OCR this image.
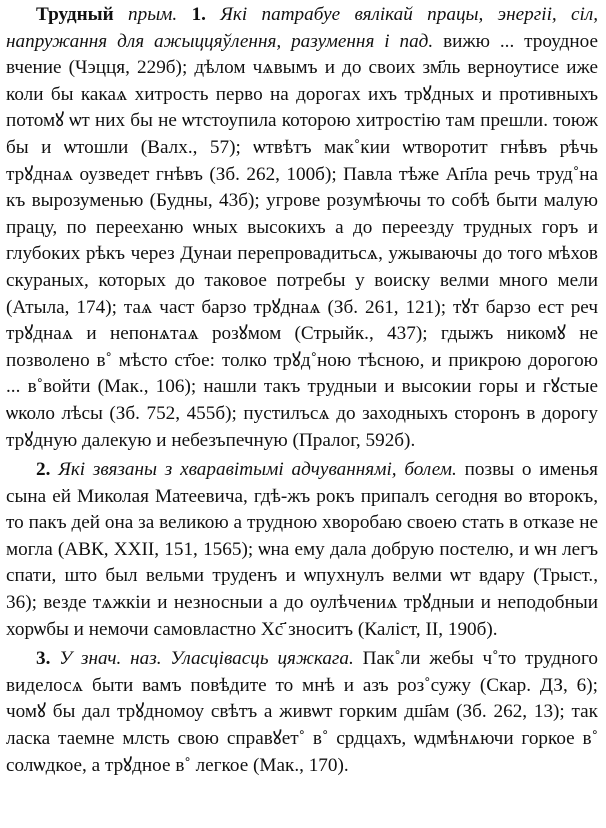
Трудный прым. 1. Які патрабуе вялікай працы, энергіі, сіл, напружання для ажыццяўлення, разумення і пад. вижю ... троудное вчение (Чэцця, 229б); дѣлом чѧвымъ и до своих зм҃ль верноутисе иже коли бы какаѧ хитрость перво на дорогах ихъ трꙋдных и противныхъ потомꙋ ѡт них бы не ѡтстоупила которою хитростію там прешли. тоюж бы и ѡтошли (Валх., 57); ѡтвѣтъ мак˚кии ѡтворотит гнѣвъ рѣчь трꙋднаѧ оузведет гнѣвъ (Зб. 262, 100б); Павла тѣже Ап҃ла речь труд˚на къ вырозуменью (Будны, 43б); угрове розумѣючы то собѣ быти малую працу, по перееханю ѡных высокихъ а до переезду трудных горъ и глубоких рѣкъ через Дунаи перепровадитьсѧ, ужываючы до того мѣхов скураных, которых до таковое потребы у воиску велми много мели (Атыла, 174); таѧ част барзо трꙋднаѧ (Зб. 261, 121); тꙋт барзо ест реч трꙋднаѧ и непонѧтаѧ розꙋмом (Стрыйк., 437); гдыжъ никомꙋ не позволено в˚ мѣсто ст҃ое: толко трꙋд˚ною тѣсною, и прикрою дорогою ... в˚войти (Мак., 106); нашли такъ трудныи и высокии горы и гꙋстые ѡколо лѣсы (Зб. 752, 455б); пустилъсѧ до заходныхъ сторонъ в дорогу трꙋдную далекую и небезъпечную (Пралог, 592б).

2. Які звязаны з хваравітымі адчуваннямі, болем. позвы о именья сына ей Миколая Матеевича, гдѣ-жъ рокъ припалъ сегодня во второкъ, то пакъ дей она за великою а трудною хворобаю своею стать в отказе не могла (АВК, XXII, 151, 1565); ѡна ему дала добрую постелю, и ѡн легъ спати, што был вельми труденъ и ѡпухнулъ велми ѡт вдару (Трыст., 36); везде тѧжкіи и незносныи а до оулѣчениѧ трꙋдныи и неподобныи хорѡбы и немочи самовластно Хс҃ зноситъ (Калiст, II, 190б).

3. У знач. наз. Уласцівасць цяжкага. Пак˚ли жебы ч˚то трудного виделосѧ быти вамъ повѣдите то мнѣ и азъ роз˚сужу (Скар. ДЗ, 6); чомꙋ бы дал трꙋдномоу свѣтъ а живѡт горким дш҃ам (Зб. 262, 13); так ласка таемне млсть свою справꙋет˚ в˚ срдцахъ, ѡдмѣнѧючи горкое в˚ солѡдкое, а трꙋдное в˚ легкое (Мак., 170).
